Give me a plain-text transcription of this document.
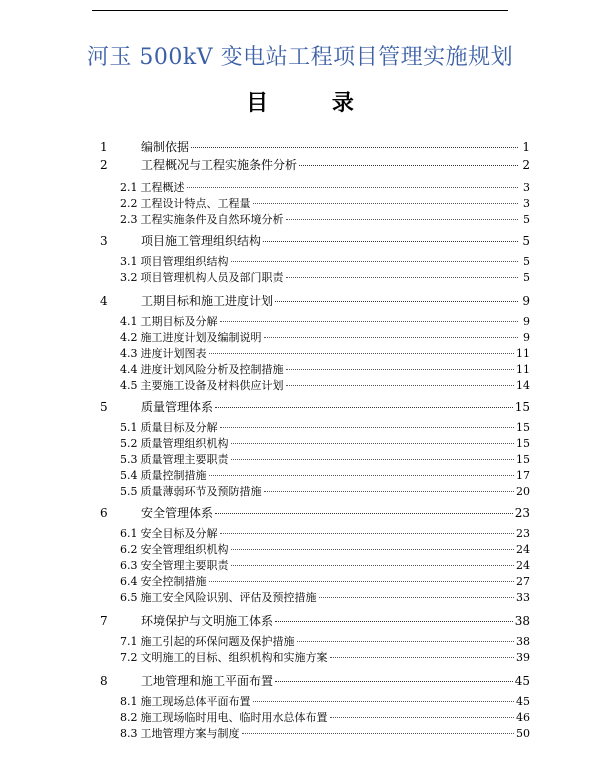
河玉 500kV 变电站工程项目管理实施规划
目 录
1	编制依据	1
2	工程概况与工程实施条件分析	2
2.1 工程概述	3
2.2 工程设计特点、工程量	3
2.3 工程实施条件及自然环境分析	5
3	项目施工管理组织结构	5
3.1 项目管理组织结构	5
3.2 项目管理机构人员及部门职责	5
4	工期目标和施工进度计划	9
4.1 工期目标及分解	9
4.2 施工进度计划及编制说明	9
4.3 进度计划图表	11
4.4 进度计划风险分析及控制措施	11
4.5 主要施工设备及材料供应计划	14
5	质量管理体系	15
5.1 质量目标及分解	15
5.2 质量管理组织机构	15
5.3 质量管理主要职责	15
5.4 质量控制措施	17
5.5 质量薄弱环节及预防措施	20
6	安全管理体系	23
6.1 安全目标及分解	23
6.2 安全管理组织机构	24
6.3 安全管理主要职责	24
6.4 安全控制措施	27
6.5 施工安全风险识别、评估及预控措施	33
7	环境保护与文明施工体系	38
7.1 施工引起的环保问题及保护措施	38
7.2 文明施工的目标、组织机构和实施方案	39
8	工地管理和施工平面布置	45
8.1 施工现场总体平面布置	45
8.2 施工现场临时用电、临时用水总体布置	46
8.3 工地管理方案与制度	50
